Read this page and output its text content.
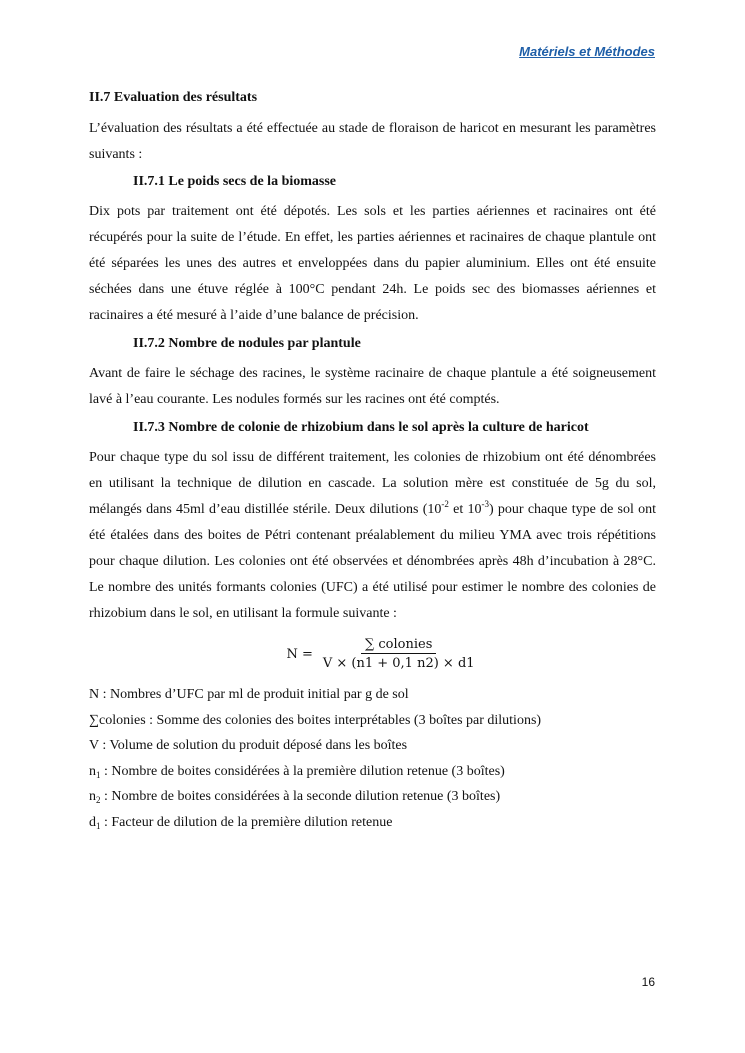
Matériels et Méthodes
II.7 Evaluation des résultats

L’évaluation des résultats a été effectuée au stade de floraison de haricot en mesurant les paramètres suivants :

II.7.1 Le poids secs de la biomasse

Dix pots par traitement ont été dépotés. Les sols et les parties aériennes et racinaires ont été récupérés pour la suite de l’étude. En effet, les parties aériennes et racinaires de chaque plantule ont été séparées les unes des autres et enveloppées dans du papier aluminium. Elles ont été ensuite séchées dans une étuve réglée à 100°C pendant 24h. Le poids sec des biomasses aériennes et racinaires a été mesuré à l’aide d’une balance de précision.

II.7.2 Nombre de nodules par plantule

Avant de faire le séchage des racines, le système racinaire de chaque plantule a été soigneusement lavé à l’eau courante. Les nodules formés sur les racines ont été comptés.

II.7.3 Nombre de colonie de rhizobium dans le sol après la culture de haricot

Pour chaque type du sol issu de différent traitement, les colonies de rhizobium ont été dénombrées en utilisant la technique de dilution en cascade. La solution mère est constituée de 5g du sol, mélangés dans 45ml d’eau distillée stérile. Deux dilutions ($10^{-2}$ et $10^{-3}$) pour chaque type de sol ont été étalées dans des boites de Pétri contenant préalablement du milieu YMA avec trois répétitions pour chaque dilution. Les colonies ont été observées et dénombrées après 48h d’incubation à 28°C. Le nombre des unités formants colonies (UFC) a été utilisé pour estimer le nombre des colonies de rhizobium dans le sol, en utilisant la formule suivante :

$N = \frac{\text{∑ colonies}}{V \times (n1 + 0,1 n2) \times d1}$

N : Nombres d’UFC par ml de produit initial par g de sol

∑colonies : Somme des colonies des boites interprétables (3 boîtes par dilutions)

V : Volume de solution du produit déposé dans les boîtes

$n_1$ : Nombre de boites considérées à la première dilution retenue (3 boîtes)

$n_2$ : Nombre de boites considérées à la seconde dilution retenue (3 boîtes)

$d_1$ : Facteur de dilution de la première dilution retenue

16
